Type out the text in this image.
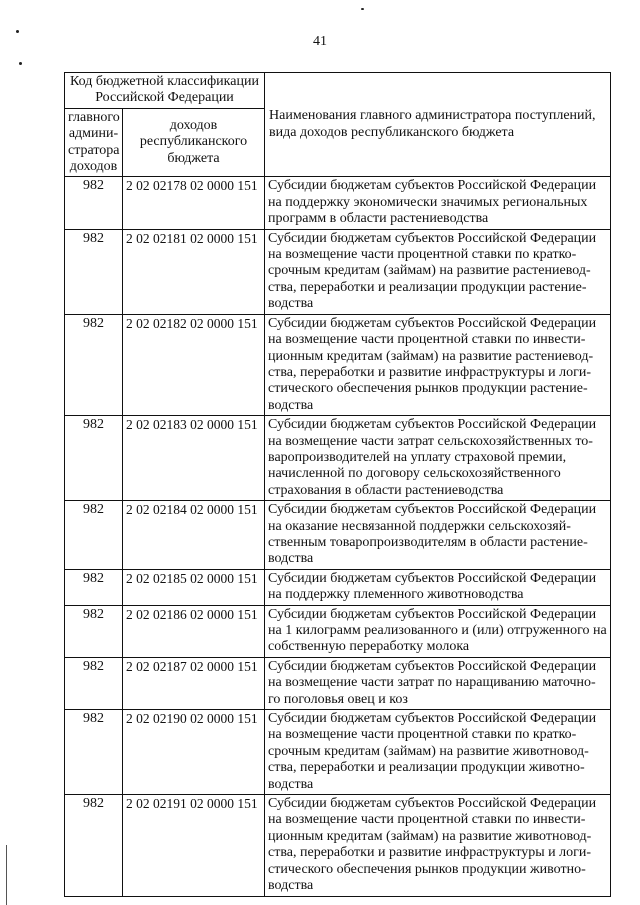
41
Код бюджетной классификации Российской Федерации		Наименования главного администратора поступлений, вида доходов республиканского бюджета
главного админи-стратора доходов	доходов республиканского бюджета	
982	2 02 02178 02 0000 151	Субсидии бюджетам субъектов Российской Федерации на поддержку экономически значимых региональных программ в области растениеводства
982	2 02 02181 02 0000 151	Субсидии бюджетам субъектов Российской Федерации на возмещение части процентной ставки по кратко-срочным кредитам (займам) на развитие растениевод-ства, переработки и реализации продукции растение-водства
982	2 02 02182 02 0000 151	Субсидии бюджетам субъектов Российской Федерации на возмещение части процентной ставки по инвести-ционным кредитам (займам) на развитие растениевод-ства, переработки и развитие инфраструктуры и логи-стического обеспечения рынков продукции растение-водства
982	2 02 02183 02 0000 151	Субсидии бюджетам субъектов Российской Федерации на возмещение части затрат сельскохозяйственных то-варопроизводителей на уплату страховой премии, начисленной по договору сельскохозяйственного страхования в области растениеводства
982	2 02 02184 02 0000 151	Субсидии бюджетам субъектов Российской Федерации на оказание несвязанной поддержки сельскохозяй-ственным товаропроизводителям в области растение-водства
982	2 02 02185 02 0000 151	Субсидии бюджетам субъектов Российской Федерации на поддержку племенного животноводства
982	2 02 02186 02 0000 151	Субсидии бюджетам субъектов Российской Федерации на 1 килограмм реализованного и (или) отгруженного на собственную переработку молока
982	2 02 02187 02 0000 151	Субсидии бюджетам субъектов Российской Федерации на возмещение части затрат по наращиванию маточно-го поголовья овец и коз
982	2 02 02190 02 0000 151	Субсидии бюджетам субъектов Российской Федерации на возмещение части процентной ставки по кратко-срочным кредитам (займам) на развитие животновод-ства, переработки и реализации продукции животно-водства
982	2 02 02191 02 0000 151	Субсидии бюджетам субъектов Российской Федерации на возмещение части процентной ставки по инвести-ционным кредитам (займам) на развитие животновод-ства, переработки и развитие инфраструктуры и логи-стического обеспечения рынков продукции животно-водства
